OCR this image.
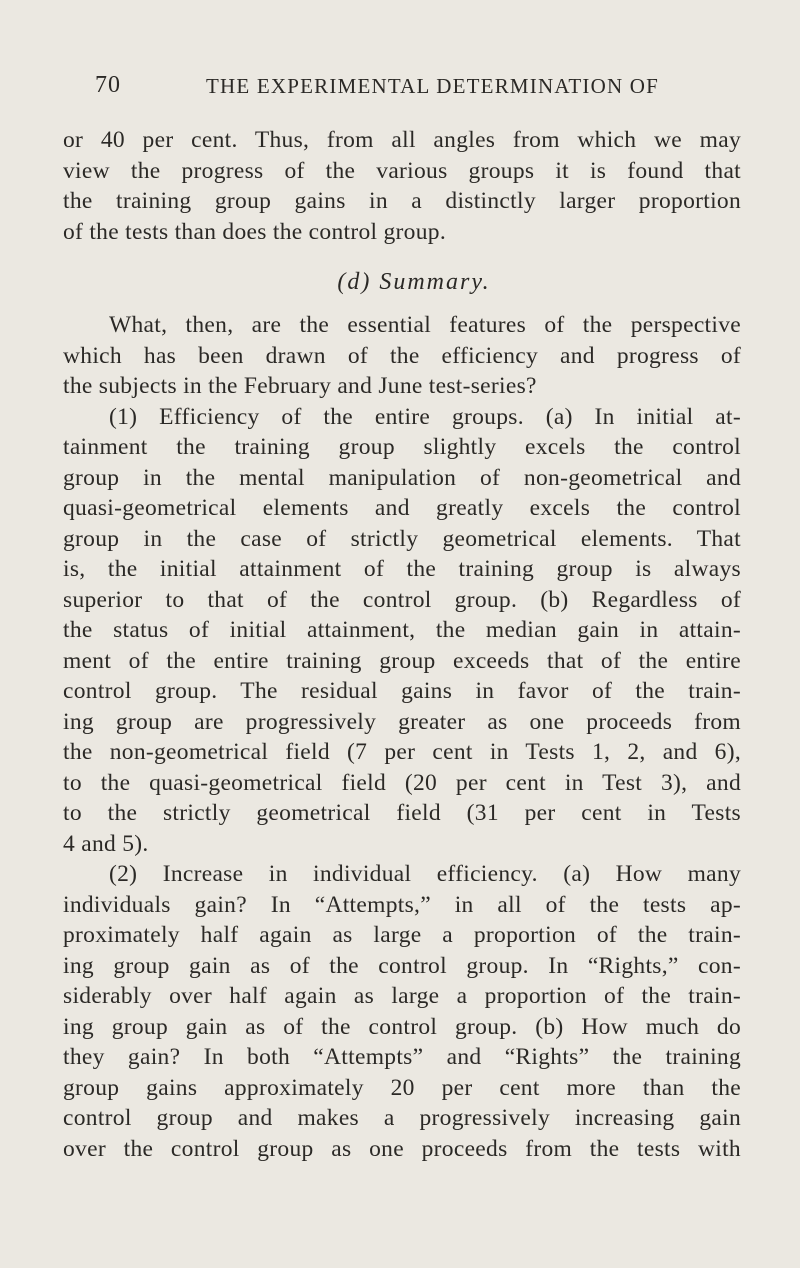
70	THE EXPERIMENTAL DETERMINATION OF
or 40 per cent. Thus, from all angles from which we may
view the progress of the various groups it is found that
the training group gains in a distinctly larger proportion
of the tests than does the control group.
(d) Summary.
What, then, are the essential features of the perspective
which has been drawn of the efficiency and progress of
the subjects in the February and June test-series?
(1) Efficiency of the entire groups. (a) In initial at-
tainment the training group slightly excels the control
group in the mental manipulation of non-geometrical and
quasi-geometrical elements and greatly excels the control
group in the case of strictly geometrical elements. That
is, the initial attainment of the training group is always
superior to that of the control group. (b) Regardless of
the status of initial attainment, the median gain in attain-
ment of the entire training group exceeds that of the entire
control group. The residual gains in favor of the train-
ing group are progressively greater as one proceeds from
the non-geometrical field (7 per cent in Tests 1, 2, and 6),
to the quasi-geometrical field (20 per cent in Test 3), and
to the strictly geometrical field (31 per cent in Tests
4 and 5).
(2) Increase in individual efficiency. (a) How many
individuals gain? In “Attempts,” in all of the tests ap-
proximately half again as large a proportion of the train-
ing group gain as of the control group. In “Rights,” con-
siderably over half again as large a proportion of the train-
ing group gain as of the control group. (b) How much do
they gain? In both “Attempts” and “Rights” the training
group gains approximately 20 per cent more than the
control group and makes a progressively increasing gain
over the control group as one proceeds from the tests with
